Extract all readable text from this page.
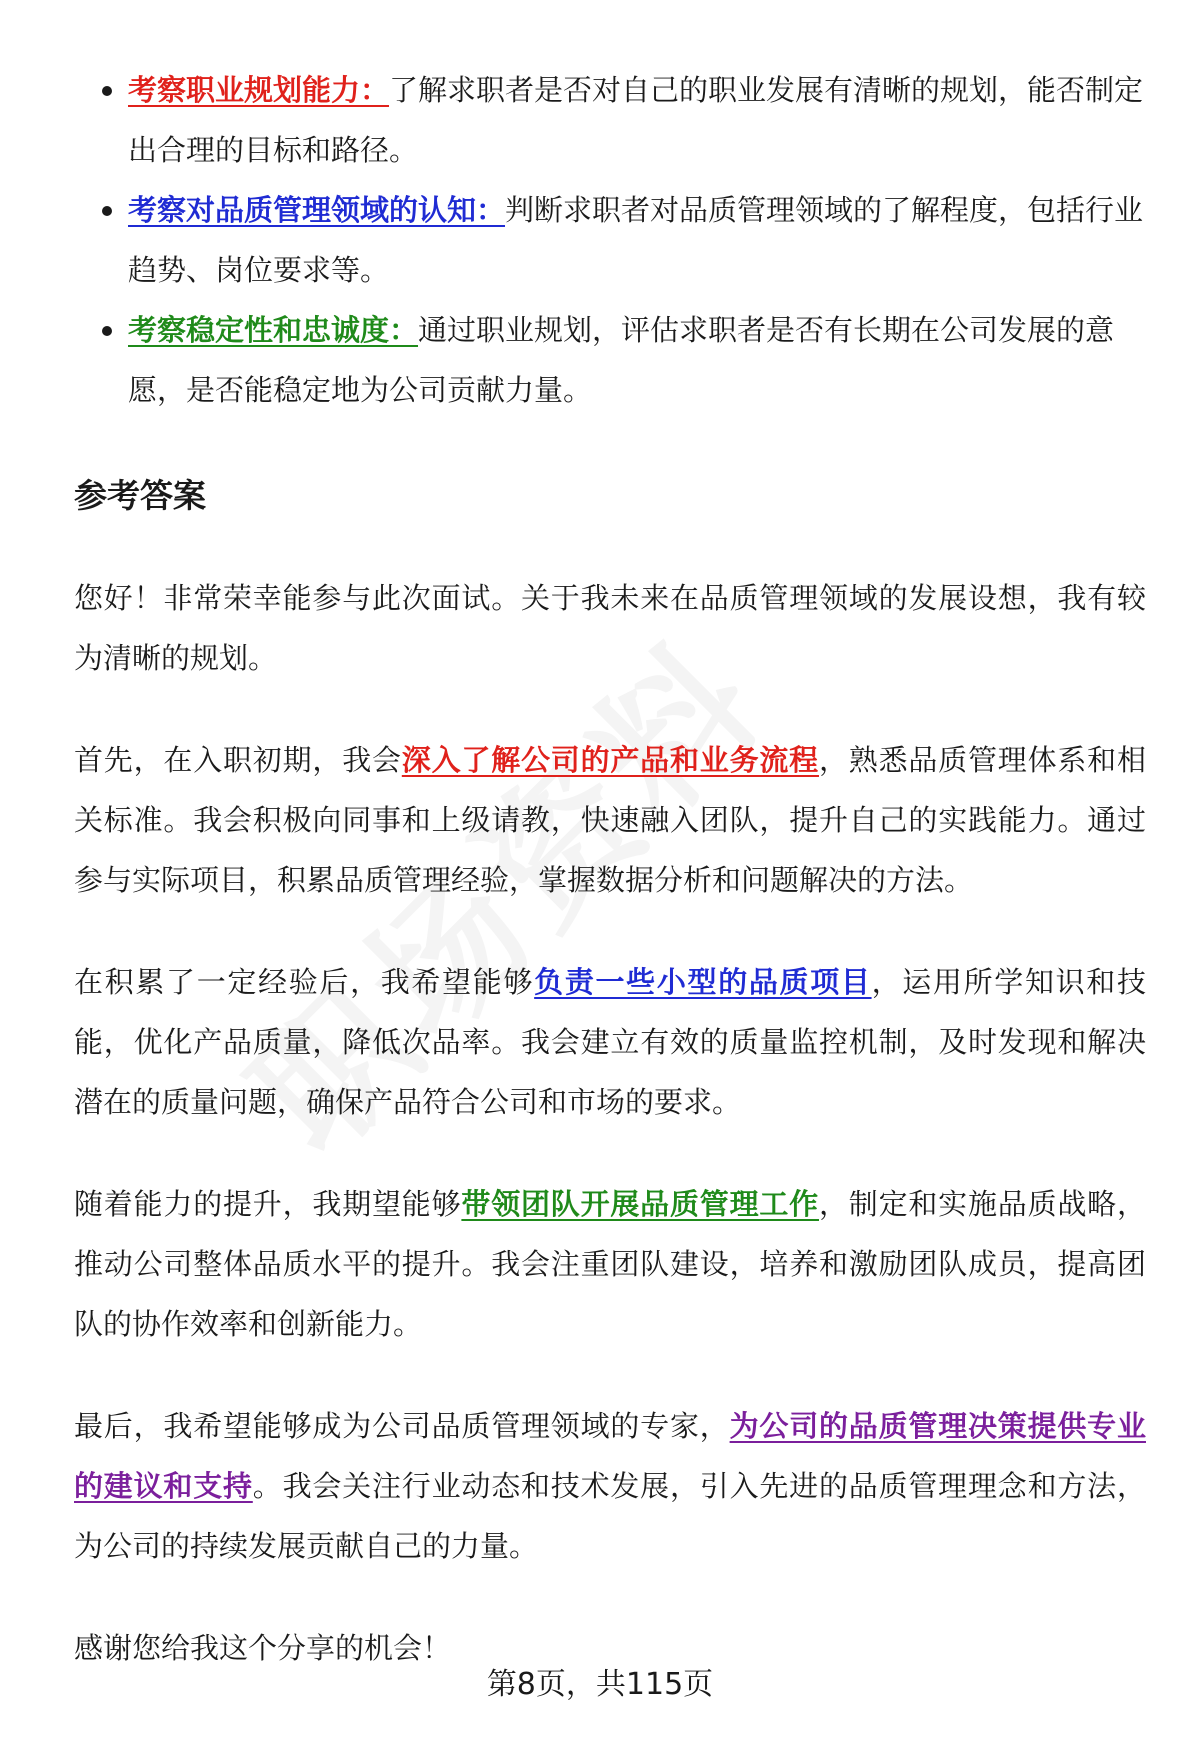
考察职业规划能力：了解求职者是否对自己的职业发展有清晰的规划，能否制定出合理的目标和路径。
考察对品质管理领域的认知：判断求职者对品质管理领域的了解程度，包括行业趋势、岗位要求等。
考察稳定性和忠诚度：通过职业规划，评估求职者是否有长期在公司发展的意愿，是否能稳定地为公司贡献力量。
参考答案

您好！非常荣幸能参与此次面试。关于我未来在品质管理领域的发展设想，我有较为清晰的规划。

首先，在入职初期，我会深入了解公司的产品和业务流程，熟悉品质管理体系和相关标准。我会积极向同事和上级请教，快速融入团队，提升自己的实践能力。通过参与实际项目，积累品质管理经验，掌握数据分析和问题解决的方法。

在积累了一定经验后，我希望能够负责一些小型的品质项目，运用所学知识和技能，优化产品质量，降低次品率。我会建立有效的质量监控机制，及时发现和解决潜在的质量问题，确保产品符合公司和市场的要求。

随着能力的提升，我期望能够带领团队开展品质管理工作，制定和实施品质战略，推动公司整体品质水平的提升。我会注重团队建设，培养和激励团队成员，提高团队的协作效率和创新能力。

最后，我希望能够成为公司品质管理领域的专家，为公司的品质管理决策提供专业的建议和支持。我会关注行业动态和技术发展，引入先进的品质管理理念和方法，为公司的持续发展贡献自己的力量。

感谢您给我这个分享的机会！

第8页，共115页
